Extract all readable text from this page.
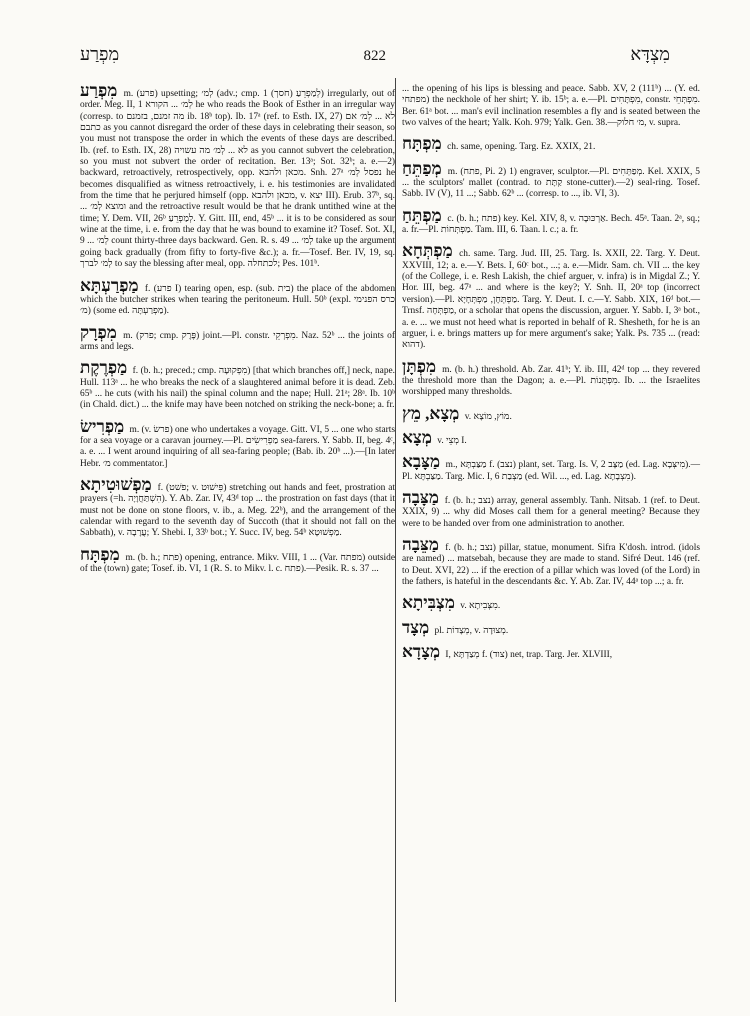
מִפְרַע	822	מִצְדָּא

מִפְרַע m. (פרע) upsetting; לְמ׳ (adv.; cmp. לְמַפְרֵעַ (חסך) 1) irregularly, out of order. Meg. II, 1 לְמ׳ ... הקורא he who reads the Book of Esther in an irregular way (corresp. to מה זמנם, בזמנם ib. 18ᵇ top). Ib. 17ᵃ (ref. to Esth. IX, 27) לא ... לְמ׳ אם כתבם as you cannot disregard the order of these days in celebrating their season, so you must not transpose the order in which the events of these days are described. Ib. (ref. to Esth. IX, 28) לא ... לְמ׳ מה עשויה as you cannot subvert the celebration, so you must not subvert the order of recitation. Ber. 13ᵃ; Sot. 32ᵇ; a. e.—2) backward, retroactively, retrospectively, opp. מכאן ולהבא. Snh. 27ᵃ נפסל לְמ׳ he becomes disqualified as witness retroactively, i. e. his testimonies are invalidated from the time that he perjured himself (opp. מכאן ולהבא, v. יצא III). Erub. 37ᵇ, sq. ... ומוצא לְמ׳ and the retroactive result would be that he drank untithed wine at the time; Y. Dem. VII, 26ᵇ לְמַפְרֵעַ. Y. Gitt. III, end, 45ᵇ ... it is to be considered as sour wine at the time, i. e. from the day that he was bound to examine it? Tosef. Sot. XI, 9 ... לְמ׳ count thirty-three days backward. Gen. R. s. 49 ... לְמ׳ take up the argument going back gradually (from fifty to forty-five &c.); a. fr.—Tosef. Ber. IV, 19, sq. לְמ׳ לברך to say the blessing after meal, opp. לכתחלה; Pes. 101ᵇ.

מַפְרַעְתָּא f. (פרע I) tearing open, esp. (sub. בית) the place of the abdomen which the butcher strikes when tearing the peritoneum. Hull. 50ᵇ (expl. כרס הפנימי מ׳) (some ed. מַפְרַעְתָּה).

מִפְרָק m. (פרק; cmp. פֶּרֶק) joint.—Pl. constr. מִפְרְקֵי. Naz. 52ᵇ ... the joints of arms and legs.

מַפְרֶקֶת f. (b. h.; preced.; cmp. מִפְקוּעָה) [that which branches off,] neck, nape. Hull. 113ᵃ ... he who breaks the neck of a slaughtered animal before it is dead. Zeb. 65ᵇ ... he cuts (with his nail) the spinal column and the nape; Hull. 21ᵃ; 28ᵃ. Ib. 10ᵇ (in Chald. dict.) ... the knife may have been notched on striking the neck-bone; a. fr.

מַפְרִישׂ m. (v. פרשׂ) one who undertakes a voyage. Gitt. VI, 5 ... one who starts for a sea voyage or a caravan journey.—Pl. מַפְרִישִׂים sea-farers. Y. Sabb. II, beg. 4ᶜ, a. e. ... I went around inquiring of all sea-faring people; (Bab. ib. 20ᵇ ...).—[In later Hebr. מ׳ commentator.]

מַפְשׁוּטִיתָא f. (פשׁט; v. פִּישׁוּט) stretching out hands and feet, prostration at prayers (=h. הִשְׁתַּחֲוָיָה). Y. Ab. Zar. IV, 43ᵈ top ... the prostration on fast days (that it must not be done on stone floors, v. ib., a. Meg. 22ᵇ), and the arrangement of the calendar with regard to the seventh day of Succoth (that it should not fall on the Sabbath), v. עֲרָבָה; Y. Shebi. I, 33ᵇ bot.; Y. Succ. IV, beg. 54ᵇ מַפְשׁוּטָא.

מִפְתָּח m. (b. h.; פתח) opening, entrance. Mikv. VIII, 1 ... (Var. מפתח) outside of the (town) gate; Tosef. ib. VI, 1 (R. S. to Mikv. l. c. פתח).—Pesik. R. s. 37 ...

... the opening of his lips is blessing and peace. Sabb. XV, 2 (111ᵇ) ... (Y. ed. מפתחי) the neckhole of her shirt; Y. ib. 15ᵇ; a. e.—Pl. מִפְתָּחִים, constr. מִפְתְּחֵי. Ber. 61ᵃ bot. ... man's evil inclination resembles a fly and is seated between the two valves of the heart; Yalk. Koh. 979; Yalk. Gen. 38.—מ׳ חלוק, v. supra.

מִפְתָּח ch. same, opening. Targ. Ez. XXIX, 21.

מְפַתֵּחַ m. (פתח, Pi. 2) 1) engraver, sculptor.—Pl. מְפַתְּחִים. Kel. XXIX, 5 ... the sculptors' mallet (contrad. to קַתָּת stone-cutter).—2) seal-ring. Tosef. Sabb. IV (V), 11 ...; Sabb. 62ᵇ ... (corresp. to ..., ib. VI, 3).

מַפְתֵּחַ c. (b. h.; פתח) key. Kel. XIV, 8, v. אַרְכּוּבָה. Bech. 45ᵃ. Taan. 2ᵃ, sq.; a. fr.—Pl. מַפְתְּחוֹת. Tam. III, 6. Taan. l. c.; a. fr.

מַפְתְּחָא ch. same. Targ. Jud. III, 25. Targ. Is. XXII, 22. Targ. Y. Deut. XXVIII, 12; a. e.—Y. Bets. I, 60ᶜ bot., ...; a. e.—Midr. Sam. ch. VII ... the key (of the College, i. e. Resh Lakish, the chief arguer, v. infra) is in Migdal Z.; Y. Hor. III, beg. 47ᵃ ... and where is the key?; Y. Snh. II, 20ᵃ top (incorrect version).—Pl. מַפְתְּחָן, מַפְתְּחָיָא. Targ. Y. Deut. I. c.—Y. Sabb. XIX, 16ᵈ bot.—Trnsf. מַפְתְּחָה, or a scholar that opens the discussion, arguer. Y. Sabb. I, 3ᵃ bot., a. e. ... we must not heed what is reported in behalf of R. Shesheth, for he is an arguer, i. e. brings matters up for mere argument's sake; Yalk. Ps. 735 ... (read: דהוא).

מִפְתָּן m. (b. h.) threshold. Ab. Zar. 41ᵇ; Y. ib. III, 42ᵈ top ... they revered the threshold more than the Dagon; a. e.—Pl. מִפְתָּנוֹת. Ib. ... the Israelites worshipped many thresholds.

מְצָא, מֵץ v. מוֹץ, מוֹצָא.

מְצָא v. מְצֵי I.

מַצָּבָא m., מַצַּבְתָּא f. (נצב) plant, set. Targ. Is. V, 2 מַצָּב (ed. Lag. מִיצְּבָא).—Pl. מַצַּבְתָּא. Targ. Mic. I, 6 מַצְבַת (ed. Wil. ..., ed. Lag. מִצְבָתָא).

מַצָּבָה f. (b. h.; נצב) array, general assembly. Tanh. Nitsab. 1 (ref. to Deut. XXIX, 9) ... why did Moses call them for a general meeting? Because they were to be handed over from one administration to another.

מַצֵּבָה f. (b. h.; נצב) pillar, statue, monument. Sifra K'dosh. introd. (idols are named) ... matsebah, because they are made to stand. Sifré Deut. 146 (ref. to Deut. XVI, 22) ... if the erection of a pillar which was loved (of the Lord) in the fathers, is hateful in the descendants &c. Y. Ab. Zar. IV, 44ᵃ top ...; a. fr.

מִצְבִּיתָא v. מִצְּבִיתָא.

מְצָד pl. מְצָדוֹת, v. מְצוּדָה.

מְצָדָא I, מְצַדְתָּא f. (צוד) net, trap. Targ. Jer. XLVIII,
